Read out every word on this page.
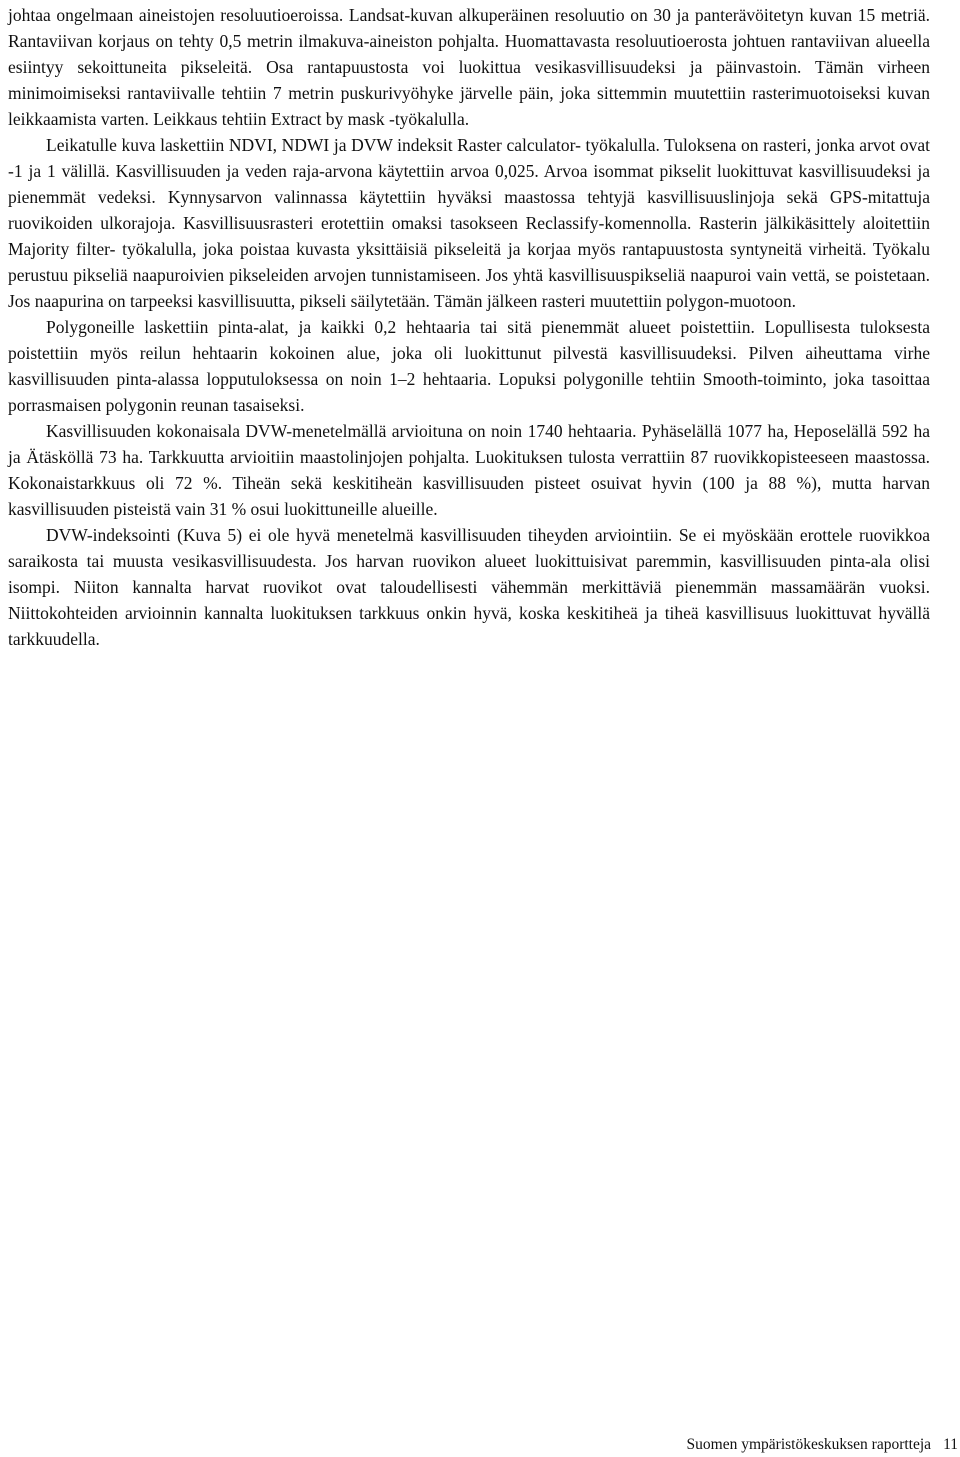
johtaa ongelmaan aineistojen resoluutioeroissa. Landsat-kuvan alkuperäinen resoluutio on 30 ja panterävöitetyn kuvan 15 metriä. Rantaviivan korjaus on tehty 0,5 metrin ilmakuva-aineiston pohjalta. Huomattavasta resoluutioerosta johtuen rantaviivan alueella esiintyy sekoittuneita pikseleitä. Osa rantapuustosta voi luokittua vesikasvillisuudeksi ja päinvastoin. Tämän virheen minimoimiseksi rantaviivalle tehtiin 7 metrin puskurivyöhyke järvelle päin, joka sittemmin muutettiin rasterimuotoiseksi kuvan leikkaamista varten. Leikkaus tehtiin Extract by mask -työkalulla.

Leikatulle kuva laskettiin NDVI, NDWI ja DVW indeksit Raster calculator- työkalulla. Tuloksena on rasteri, jonka arvot ovat -1 ja 1 välillä. Kasvillisuuden ja veden raja-arvona käytettiin arvoa 0,025. Arvoa isommat pikselit luokittuvat kasvillisuudeksi ja pienemmät vedeksi. Kynnysarvon valinnassa käytettiin hyväksi maastossa tehtyjä kasvillisuuslinjoja sekä GPS-mitattuja ruovikoiden ulkorajoja. Kasvillisuusrasteri erotettiin omaksi tasokseen Reclassify-komennolla. Rasterin jälkikäsittely aloitettiin Majority filter- työkalulla, joka poistaa kuvasta yksittäisiä pikseleitä ja korjaa myös rantapuustosta syntyneitä virheitä. Työkalu perustuu pikseliä naapuroivien pikseleiden arvojen tunnistamiseen. Jos yhtä kasvillisuuspikseliä naapuroi vain vettä, se poistetaan. Jos naapurina on tarpeeksi kasvillisuutta, pikseli säilytetään. Tämän jälkeen rasteri muutettiin polygon-muotoon.

Polygoneille laskettiin pinta-alat, ja kaikki 0,2 hehtaaria tai sitä pienemmät alueet poistettiin. Lopullisesta tuloksesta poistettiin myös reilun hehtaarin kokoinen alue, joka oli luokittunut pilvestä kasvillisuudeksi. Pilven aiheuttama virhe kasvillisuuden pinta-alassa lopputuloksessa on noin 1–2 hehtaaria. Lopuksi polygonille tehtiin Smooth-toiminto, joka tasoittaa porrasmaisen polygonin reunan tasaiseksi.

Kasvillisuuden kokonaisala DVW-menetelmällä arvioituna on noin 1740 hehtaaria. Pyhäselällä 1077 ha, Heposelällä 592 ha ja Ätäsköllä 73 ha. Tarkkuutta arvioitiin maastolinjojen pohjalta. Luokituksen tulosta verrattiin 87 ruovikkopisteeseen maastossa. Kokonaistarkkuus oli 72 %. Tiheän sekä keskitiheän kasvillisuuden pisteet osuivat hyvin (100 ja 88 %), mutta harvan kasvillisuuden pisteistä vain 31 % osui luokittuneille alueille.

DVW-indeksointi (Kuva 5) ei ole hyvä menetelmä kasvillisuuden tiheyden arviointiin. Se ei myöskään erottele ruovikkoa saraikosta tai muusta vesikasvillisuudesta. Jos harvan ruovikon alueet luokittuisivat paremmin, kasvillisuuden pinta-ala olisi isompi. Niiton kannalta harvat ruovikot ovat taloudellisesti vähemmän merkittäviä pienemmän massamäärän vuoksi. Niittokohteiden arvioinnin kannalta luokituksen tarkkuus onkin hyvä, koska keskitiheä ja tiheä kasvillisuus luokittuvat hyvällä tarkkuudella.

Suomen ympäristökeskuksen raportteja 11
